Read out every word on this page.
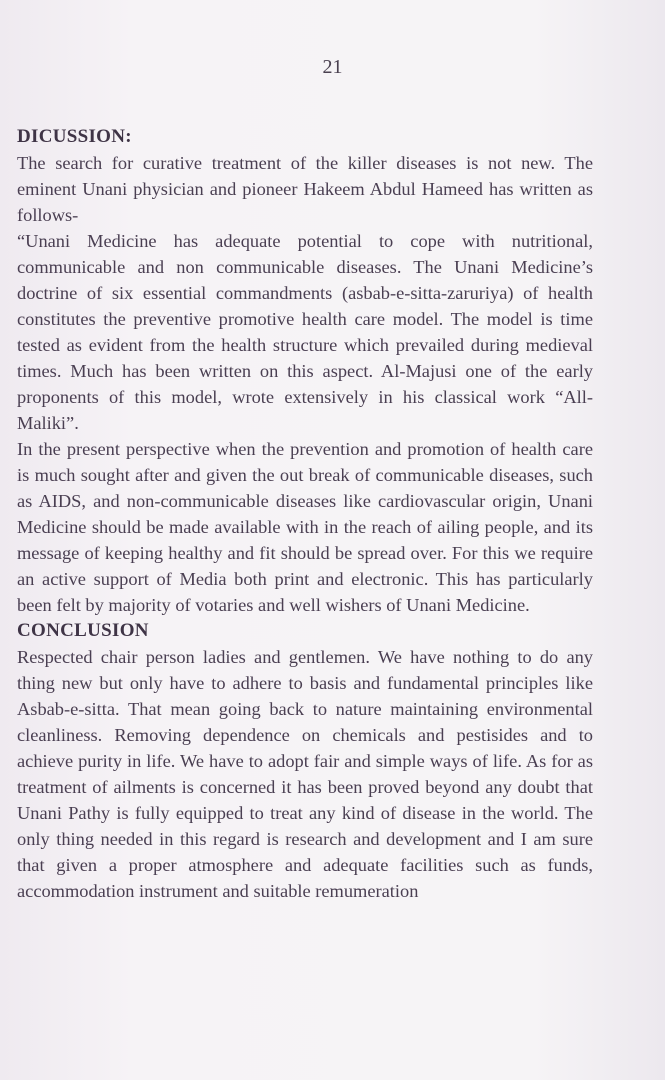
21
DICUSSION:

The search for curative treatment of the killer diseases is not new. The eminent Unani physician and pioneer Hakeem Abdul Hameed has written as follows-

“Unani Medicine has adequate potential to cope with nutritional, communicable and non communicable diseases. The Unani Medicine’s doctrine of six essential commandments (asbab-e-sitta-zaruriya) of health constitutes the preventive promotive health care model. The model is time tested as evident from the health structure which prevailed during medieval times. Much has been written on this aspect. Al-Majusi one of the early proponents of this model, wrote extensively in his classical work “All-Maliki”.

In the present perspective when the prevention and promotion of health care is much sought after and given the out break of communicable diseases, such as AIDS, and non-communicable diseases like cardiovascular origin, Unani Medicine should be made available with in the reach of ailing people, and its message of keeping healthy and fit should be spread over. For this we require an active support of Media both print and electronic. This has particularly been felt by majority of votaries and well wishers of Unani Medicine.

CONCLUSION

Respected chair person ladies and gentlemen. We have nothing to do any thing new but only have to adhere to basis and fundamental principles like Asbab-e-sitta. That mean going back to nature maintaining environmental cleanliness. Removing dependence on chemicals and pestisides and to achieve purity in life. We have to adopt fair and simple ways of life. As for as treatment of ailments is concerned it has been proved beyond any doubt that Unani Pathy is fully equipped to treat any kind of disease in the world. The only thing needed in this regard is research and development and I am sure that given a proper atmosphere and adequate facilities such as funds, accommodation instrument and suitable remumeration
